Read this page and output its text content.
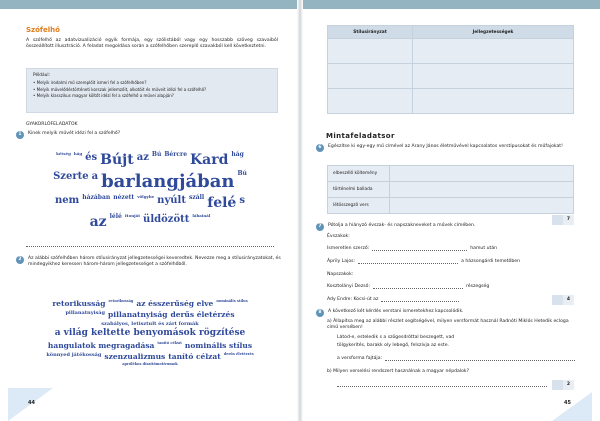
Szófelhő

A szófelhő az adatvizualizáció egyik formája, egy szólistából vagy egy hosszabb szöveg szavaiból összeállított illusztráció. A feladat megoldása során a szófelhőben szereplő szavakból kell következtetni.

Például:
• Melyik irodalmi mű szereplőit ismeri fel a szófelhőben?
• Melyik művelődéstörténeti korszak jellemzőit, alkotóit és műveit idézi fel a szófelhő?
• Melyik klasszikus magyar költőt idézi fel a szófelhő a művei alapján?
GYAKORLÓFELADATOK
1	Kinek melyik művét idézi fel a szófelhő?
kétség hág és Bújt az Bú Bércre Kard hág
Szerte a barlangjában Bú
nem házában nézett völgybe nyúlt száll felé s
az lélé Honját üldözött lábainál
2	Az alábbi szófelhőben három stílusirányzat jellegzetességei keveredtek. Nevezze meg a stílusirányzatokat, és mindegyikhez keressen három-három jellegzetességet a szófelhőből.
retorikusság retorikusság az ésszerűség elve nominális stílus
pillanatnyiság pillanatnyiság derűs életérzés
szabályos, letisztult és zárt formák
a világ keltette benyomások rögzítése
hangulatok megragadása tanító célzat nominális stílus
könnyed játékosság szenzualizmus tanító célzat derűs életérzés
aprólékos díszítőmotívumok
44
Stílusirányzat	Jellegzetességek

Mintafeladatsor
6	Egészítse ki egy-egy mű címével az Arany János életművével kapcsolatos verstípusokat és műfajokat!
elbeszélő költemény	
történelmi ballada	
létösszegző vers	
7
7	Pótolja a hiányzó évszak- és napszakneveket a művek címében.
Évszakok:
Ismeretlen szerző:	hamut után
Áprily Lajos:	a házsongárdi temetőben
Napszakok:
Kosztolányi Dezső:	részegség
Ady Endre: Kocsi-út az	4
8	A következő két kérdés verstani ismeretekhez kapcsolódik.
a) Állapítsa meg az alábbi részlet segítségével, milyen versformát használ Radnóti Miklós Hetedik ecloga című versében!
Látod-e, esteledik s a szögesdróttal beszegett, vad
tölgykerítés, barakk oly lebegő, felszívja az este.
a versforma fajtája:
b) Milyen verselési rendszert használnak a magyar népdalok?
2
45
